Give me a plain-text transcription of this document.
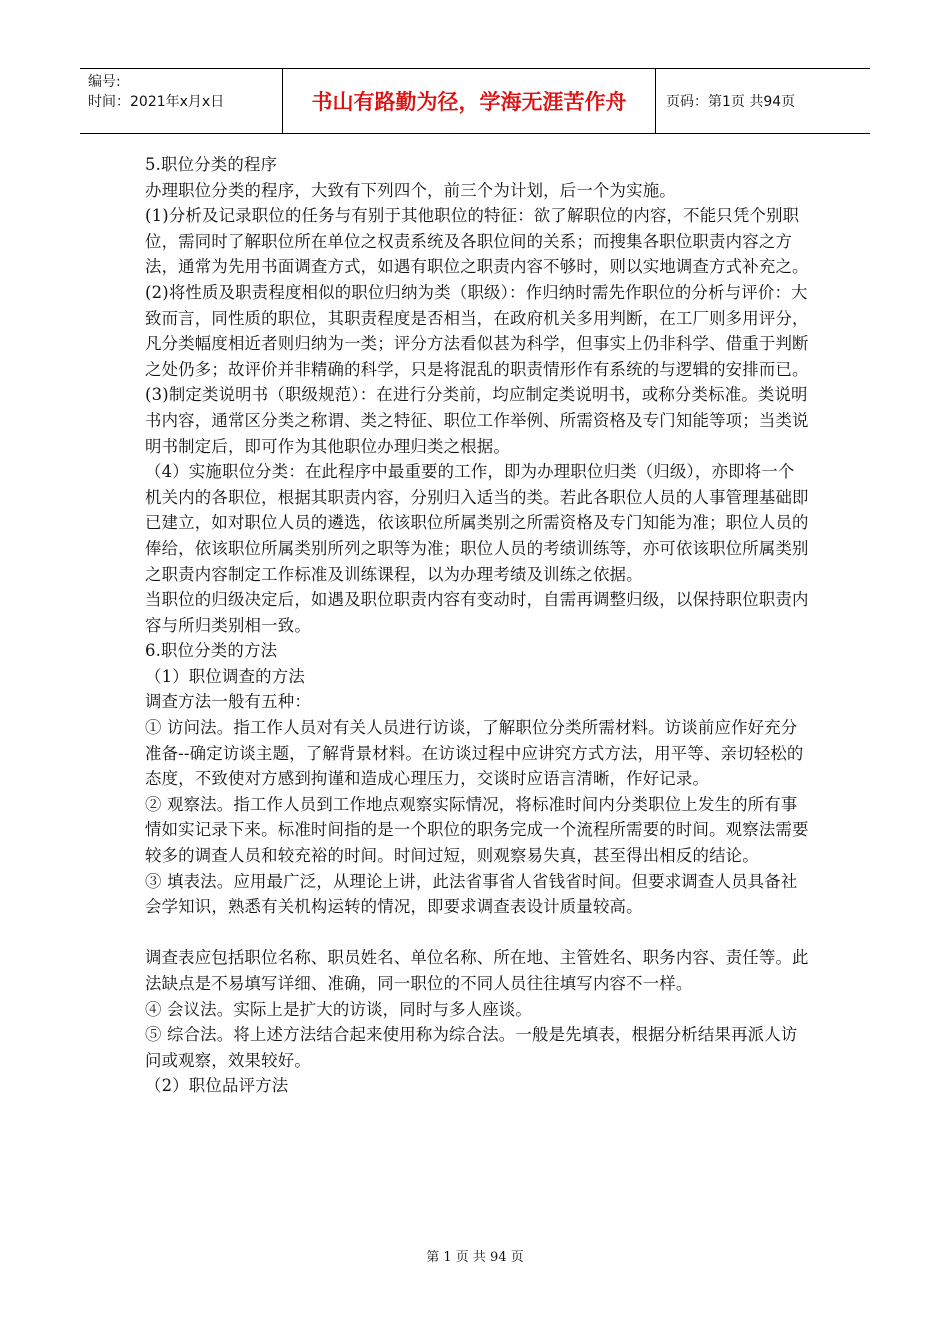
编号:
时间：2021年x月x日	书山有路勤为径，学海无涯苦作舟	页码：第1页 共94页

5.职位分类的程序

办理职位分类的程序，大致有下列四个，前三个为计划，后一个为实施。

(1)分析及记录职位的任务与有别于其他职位的特征：欲了解职位的内容，不能只凭个别职位，需同时了解职位所在单位之权责系统及各职位间的关系；而搜集各职位职责内容之方法，通常为先用书面调查方式，如遇有职位之职责内容不够时，则以实地调查方式补充之。

(2)将性质及职责程度相似的职位归纳为类（职级）：作归纳时需先作职位的分析与评价：大致而言，同性质的职位，其职责程度是否相当，在政府机关多用判断，在工厂则多用评分，凡分类幅度相近者则归纳为一类；评分方法看似甚为科学，但事实上仍非科学、借重于判断之处仍多；故评价并非精确的科学，只是将混乱的职责情形作有系统的与逻辑的安排而已。

(3)制定类说明书（职级规范）：在进行分类前，均应制定类说明书，或称分类标准。类说明书内容，通常区分类之称谓、类之特征、职位工作举例、所需资格及专门知能等项；当类说明书制定后，即可作为其他职位办理归类之根据。

（4）实施职位分类：在此程序中最重要的工作，即为办理职位归类（归级），亦即将一个机关内的各职位，根据其职责内容，分别归入适当的类。若此各职位人员的人事管理基础即已建立，如对职位人员的遴选，依该职位所属类别之所需资格及专门知能为准；职位人员的俸给，依该职位所属类别所列之职等为准；职位人员的考绩训练等，亦可依该职位所属类别之职责内容制定工作标准及训练课程，以为办理考绩及训练之依据。

当职位的归级决定后，如遇及职位职责内容有变动时，自需再调整归级，以保持职位职责内容与所归类别相一致。

6.职位分类的方法

（1）职位调查的方法

调查方法一般有五种：

① 访问法。指工作人员对有关人员进行访谈，了解职位分类所需材料。访谈前应作好充分准备--确定访谈主题，了解背景材料。在访谈过程中应讲究方式方法，用平等、亲切轻松的态度，不致使对方感到拘谨和造成心理压力，交谈时应语言清晰，作好记录。

② 观察法。指工作人员到工作地点观察实际情况，将标准时间内分类职位上发生的所有事情如实记录下来。标准时间指的是一个职位的职务完成一个流程所需要的时间。观察法需要较多的调查人员和较充裕的时间。时间过短，则观察易失真，甚至得出相反的结论。

③ 填表法。应用最广泛，从理论上讲，此法省事省人省钱省时间。但要求调查人员具备社会学知识，熟悉有关机构运转的情况，即要求调查表设计质量较高。

调查表应包括职位名称、职员姓名、单位名称、所在地、主管姓名、职务内容、责任等。此法缺点是不易填写详细、准确，同一职位的不同人员往往填写内容不一样。

④ 会议法。实际上是扩大的访谈，同时与多人座谈。

⑤ 综合法。将上述方法结合起来使用称为综合法。一般是先填表，根据分析结果再派人访问或观察，效果较好。

（2）职位品评方法

第 1 页 共 94 页
